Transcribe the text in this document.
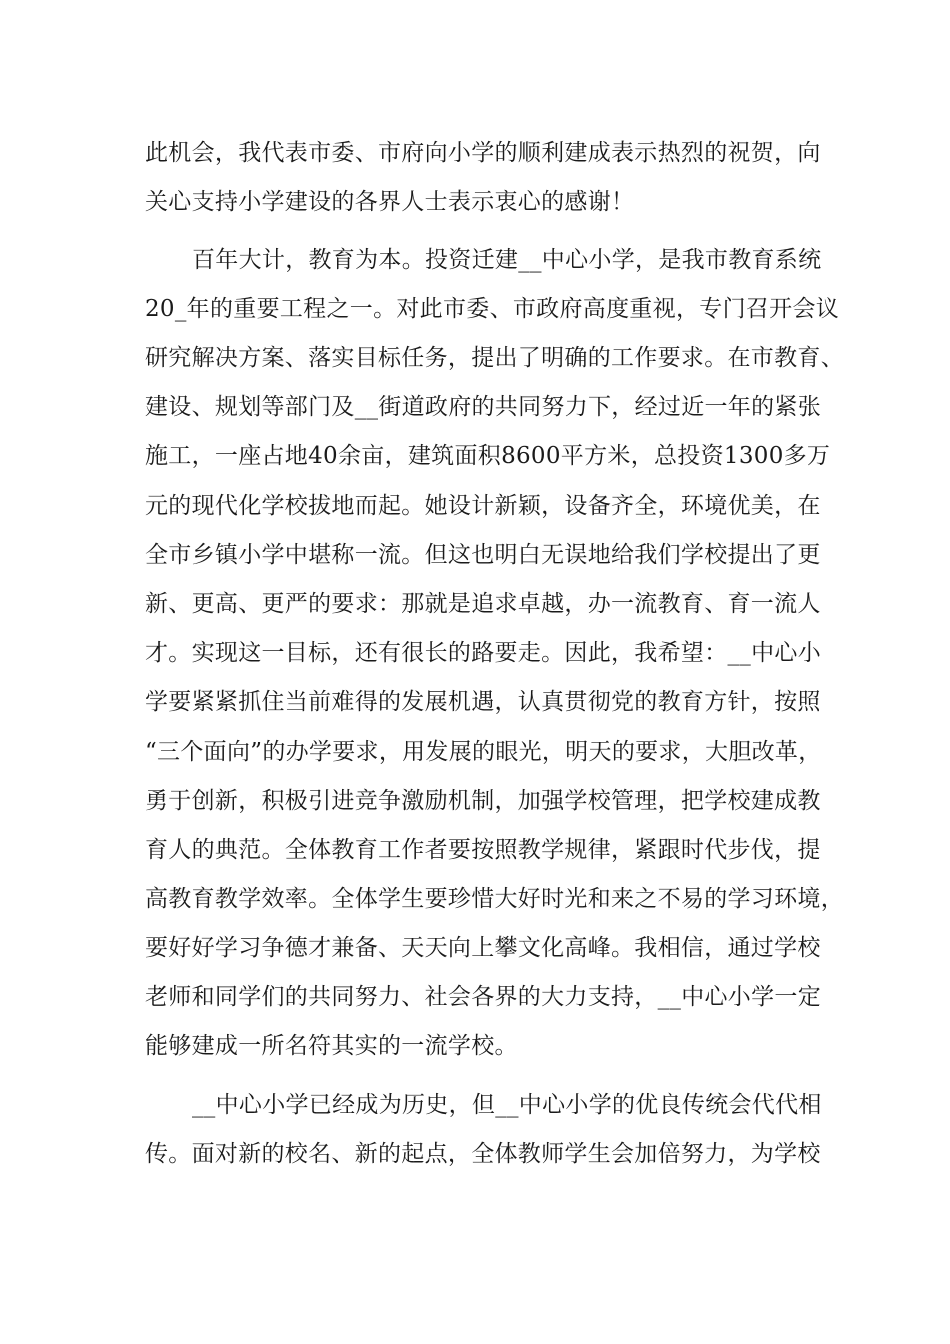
此机会，我代表市委、市府向小学的顺利建成表示热烈的祝贺，向
关心支持小学建设的各界人士表示衷心的感谢！
百年大计，教育为本。投资迁建__中心小学，是我市教育系统
20_年的重要工程之一。对此市委、市政府高度重视，专门召开会议
研究解决方案、落实目标任务，提出了明确的工作要求。在市教育、
建设、规划等部门及__街道政府的共同努力下，经过近一年的紧张
施工，一座占地40余亩，建筑面积8600平方米，总投资1300多万
元的现代化学校拔地而起。她设计新颖，设备齐全，环境优美，在
全市乡镇小学中堪称一流。但这也明白无误地给我们学校提出了更
新、更高、更严的要求：那就是追求卓越，办一流教育、育一流人
才。实现这一目标，还有很长的路要走。因此，我希望：__中心小
学要紧紧抓住当前难得的发展机遇，认真贯彻党的教育方针，按照
“三个面向”的办学要求，用发展的眼光，明天的要求，大胆改革，
勇于创新，积极引进竞争激励机制，加强学校管理，把学校建成教
育人的典范。全体教育工作者要按照教学规律，紧跟时代步伐，提
高教育教学效率。全体学生要珍惜大好时光和来之不易的学习环境，
要好好学习争德才兼备、天天向上攀文化高峰。我相信，通过学校
老师和同学们的共同努力、社会各界的大力支持，__中心小学一定
能够建成一所名符其实的一流学校。
__中心小学已经成为历史，但__中心小学的优良传统会代代相
传。面对新的校名、新的起点，全体教师学生会加倍努力，为学校
